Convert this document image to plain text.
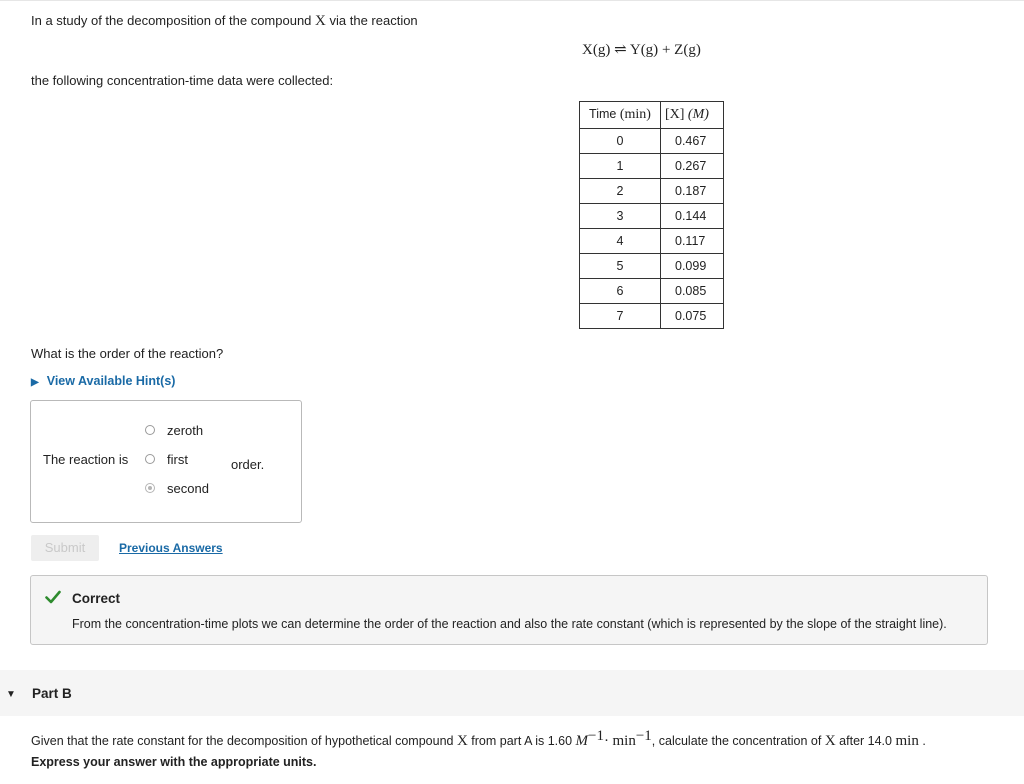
In a study of the decomposition of the compound X via the reaction
X(g) ⇌ Y(g) + Z(g)
the following concentration-time data were collected:
Time (min)	[X] (M)
0	0.467
1	0.267
2	0.187
3	0.144
4	0.117
5	0.099
6	0.085
7	0.075
What is the order of the reaction?
▶ View Available Hint(s)
The reaction is
zeroth
first
second
order.
Submit	Previous Answers
Correct
From the concentration-time plots we can determine the order of the reaction and also the rate constant (which is represented by the slope of the straight line).
▼ Part B
Given that the rate constant for the decomposition of hypothetical compound X from part A is 1.60 $M^{-1}\cdot \min^{-1}$, calculate the concentration of X after 14.0 min .
Express your answer with the appropriate units.
